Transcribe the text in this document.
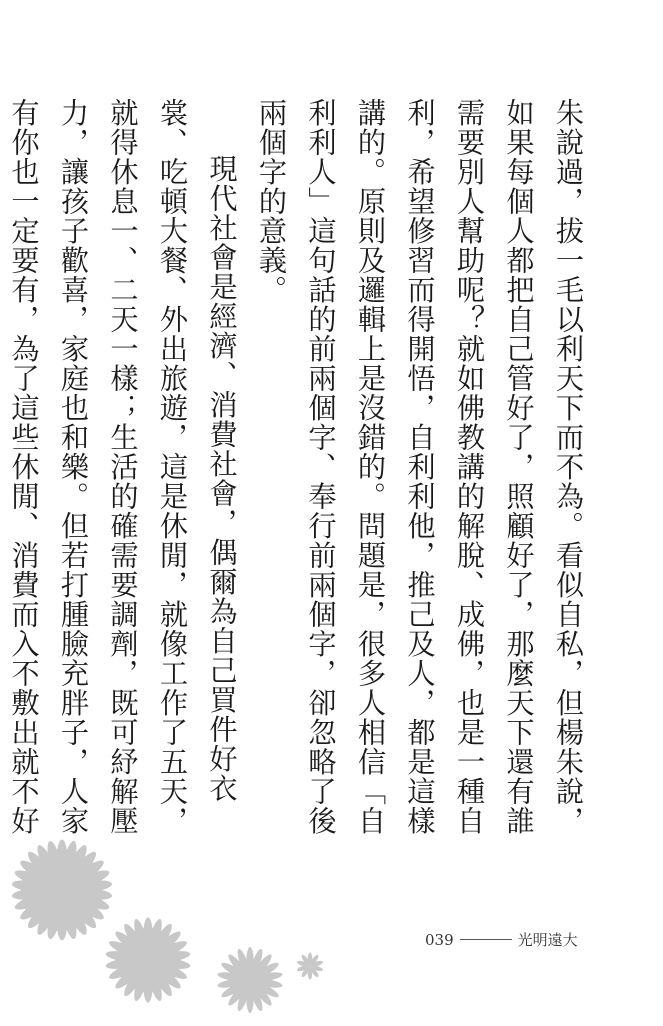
朱說過，拔一毛以利天下而不為。看似自私，但楊朱說，如果每個人都把自己管好了，照顧好了，那麼天下還有誰需要別人幫助呢？就如佛教講的解脫、成佛，也是一種自利，希望修習而得開悟，自利利他，推己及人，都是這樣講的。原則及邏輯上是沒錯的。問題是，很多人相信「自利利人」這句話的前兩個字、奉行前兩個字，卻忽略了後兩個字的意義。

現代社會是經濟、消費社會，偶爾為自己買件好衣裳、吃頓大餐、外出旅遊，這是休閒，就像工作了五天，就得休息一、二天一樣；生活的確需要調劑，既可紓解壓力，讓孩子歡喜，家庭也和樂。但若打腫臉充胖子，人家有你也一定要有，為了這些休閒、消費而入不敷出就不好

039	光明遠大
